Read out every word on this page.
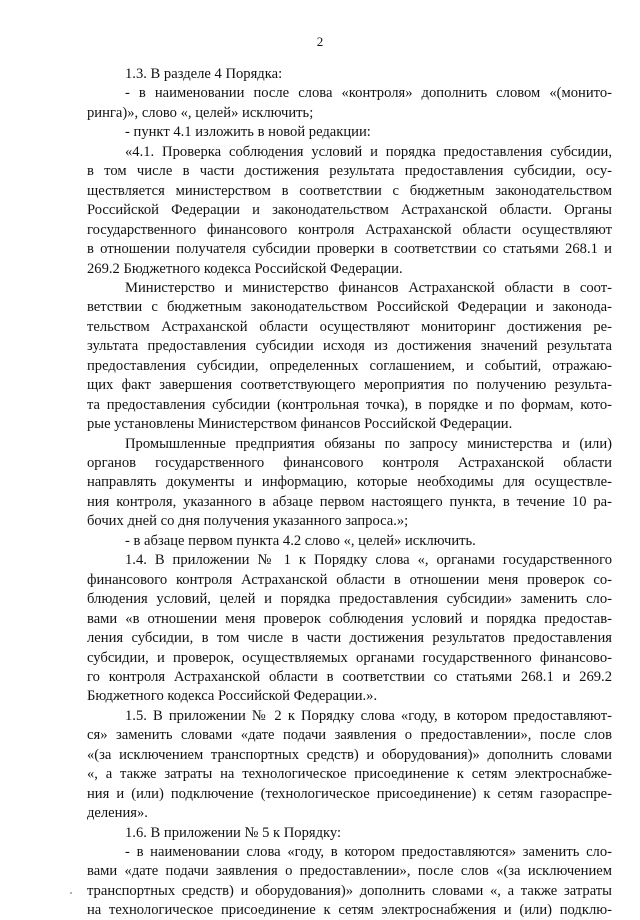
2
1.3. В разделе 4 Порядка:
- в наименовании после слова «контроля» дополнить словом «(монито-
ринга)», слово «, целей» исключить;
- пункт 4.1 изложить в новой редакции:
«4.1. Проверка соблюдения условий и порядка предоставления субсидии,
в том числе в части достижения результата предоставления субсидии, осу-
ществляется министерством в соответствии с бюджетным законодательством
Российской Федерации и законодательством Астраханской области. Органы
государственного финансового контроля Астраханской области осуществляют
в отношении получателя субсидии проверки в соответствии со статьями 268.1 и
269.2 Бюджетного кодекса Российской Федерации.
Министерство и министерство финансов Астраханской области в соот-
ветствии с бюджетным законодательством Российской Федерации и законода-
тельством Астраханской области осуществляют мониторинг достижения ре-
зультата предоставления субсидии исходя из достижения значений результата
предоставления субсидии, определенных соглашением, и событий, отражаю-
щих факт завершения соответствующего мероприятия по получению результа-
та предоставления субсидии (контрольная точка), в порядке и по формам, кото-
рые установлены Министерством финансов Российской Федерации.
Промышленные предприятия обязаны по запросу министерства и (или)
органов государственного финансового контроля Астраханской области
направлять документы и информацию, которые необходимы для осуществле-
ния контроля, указанного в абзаце первом настоящего пункта, в течение 10 ра-
бочих дней со дня получения указанного запроса.»;
- в абзаце первом пункта 4.2 слово «, целей» исключить.
1.4. В приложении № 1 к Порядку слова «, органами государственного
финансового контроля Астраханской области в отношении меня проверок со-
блюдения условий, целей и порядка предоставления субсидии» заменить сло-
вами «в отношении меня проверок соблюдения условий и порядка предостав-
ления субсидии, в том числе в части достижения результатов предоставления
субсидии, и проверок, осуществляемых органами государственного финансово-
го контроля Астраханской области в соответствии со статьями 268.1 и 269.2
Бюджетного кодекса Российской Федерации.».
1.5. В приложении № 2 к Порядку слова «году, в котором предоставляют-
ся» заменить словами «дате подачи заявления о предоставлении», после слов
«(за исключением транспортных средств) и оборудования)» дополнить словами
«, а также затраты на технологическое присоединение к сетям электроснабже-
ния и (или) подключение (технологическое присоединение) к сетям газораспре-
деления».
1.6. В приложении № 5 к Порядку:
- в наименовании слова «году, в котором предоставляются» заменить сло-
вами «дате подачи заявления о предоставлении», после слов «(за исключением
транспортных средств) и оборудования)» дополнить словами «, а также затраты
на технологическое присоединение к сетям электроснабжения и (или) подклю-
